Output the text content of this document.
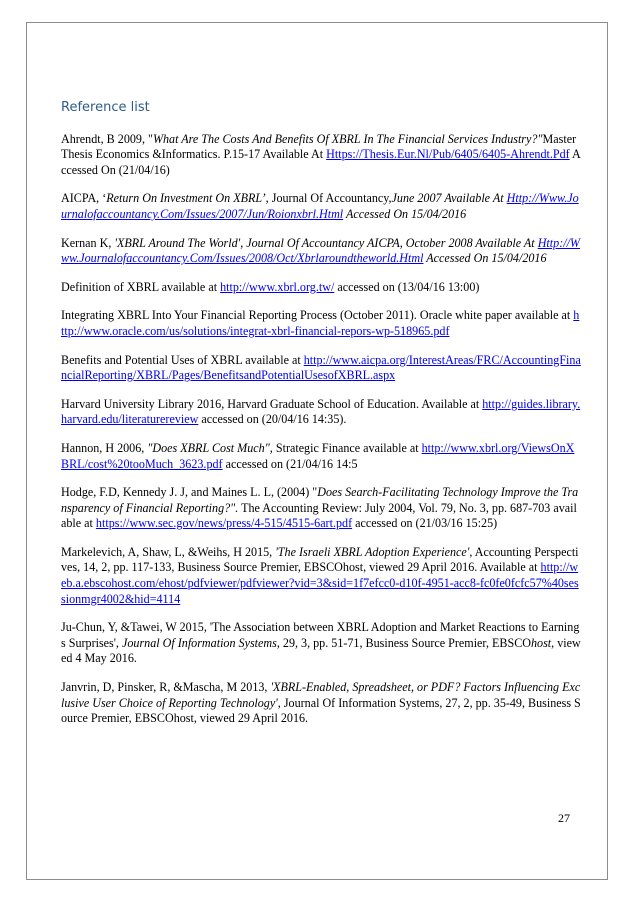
Reference list

Ahrendt, B 2009, "What Are The Costs And Benefits Of XBRL In The Financial Services Industry?"Master Thesis Economics &Informatics. P.15-17 Available At Https://Thesis.Eur.Nl/Pub/6405/6405-Ahrendt.Pdf Accessed On (21/04/16)

AICPA, ‘Return On Investment On XBRL’, Journal Of Accountancy,June 2007 Available At Http://Www.Journalofaccountancy.Com/Issues/2007/Jun/Roionxbrl.Html Accessed On 15/04/2016

Kernan K, 'XBRL Around The World', Journal Of Accountancy AICPA, October 2008 Available At Http://Www.Journalofaccountancy.Com/Issues/2008/Oct/Xbrlaroundtheworld.Html Accessed On 15/04/2016

Definition of XBRL available at http://www.xbrl.org.tw/ accessed on (13/04/16 13:00)

Integrating XBRL Into Your Financial Reporting Process (October 2011). Oracle white paper available at http://www.oracle.com/us/solutions/integrat-xbrl-financial-repors-wp-518965.pdf

Benefits and Potential Uses of XBRL available at http://www.aicpa.org/InterestAreas/FRC/AccountingFinancialReporting/XBRL/Pages/BenefitsandPotentialUsesofXBRL.aspx

Harvard University Library 2016, Harvard Graduate School of Education. Available at http://guides.library.harvard.edu/literaturereview accessed on (20/04/16 14:35).

Hannon, H 2006, "Does XBRL Cost Much", Strategic Finance available at http://www.xbrl.org/ViewsOnXBRL/cost%20tooMuch_3623.pdf accessed on (21/04/16 14:5

Hodge, F.D, Kennedy J. J, and Maines L. L, (2004) "Does Search-Facilitating Technology Improve the Transparency of Financial Reporting?". The Accounting Review: July 2004, Vol. 79, No. 3, pp. 687-703 available at https://www.sec.gov/news/press/4-515/4515-6art.pdf accessed on (21/03/16 15:25)

Markelevich, A, Shaw, L, &Weihs, H 2015, 'The Israeli XBRL Adoption Experience', Accounting Perspectives, 14, 2, pp. 117-133, Business Source Premier, EBSCOhost, viewed 29 April 2016. Available at http://web.a.ebscohost.com/ehost/pdfviewer/pdfviewer?vid=3&sid=1f7efcc0-d10f-4951-acc8-fc0fe0fcfc57%40sessionmgr4002&hid=4114

Ju-Chun, Y, &Tawei, W 2015, 'The Association between XBRL Adoption and Market Reactions to Earnings Surprises', Journal Of Information Systems, 29, 3, pp. 51-71, Business Source Premier, EBSCOhost, viewed 4 May 2016.

Janvrin, D, Pinsker, R, &Mascha, M 2013, 'XBRL-Enabled, Spreadsheet, or PDF? Factors Influencing Exclusive User Choice of Reporting Technology', Journal Of Information Systems, 27, 2, pp. 35-49, Business Source Premier, EBSCOhost, viewed 29 April 2016.

27
